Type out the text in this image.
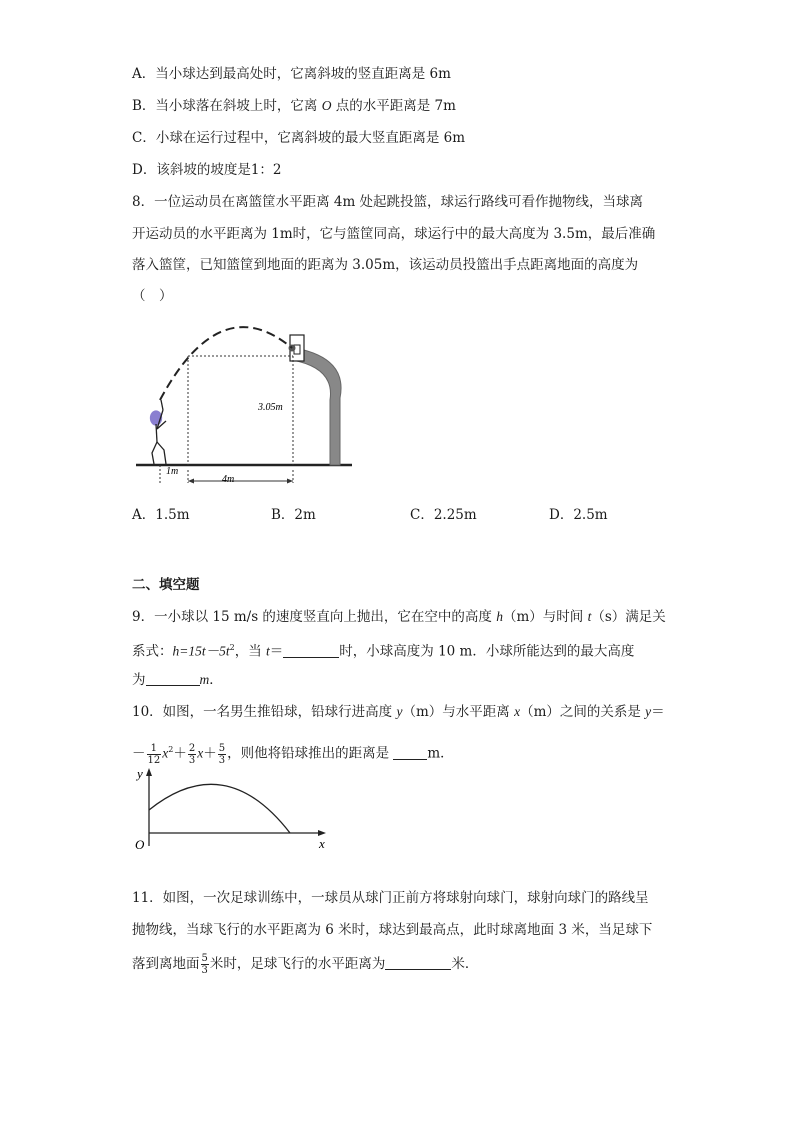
A．当小球达到最高处时，它离斜坡的竖直距离是 6m
B．当小球落在斜坡上时，它离 O 点的水平距离是 7m
C．小球在运行过程中，它离斜坡的最大竖直距离是 6m
D．该斜坡的坡度是1：2
8．一位运动员在离篮筐水平距离 4m 处起跳投篮，球运行路线可看作抛物线，当球离
开运动员的水平距离为 1m时，它与篮筐同高，球运行中的最大高度为 3.5m，最后准确
落入篮筐，已知篮筐到地面的距离为 3.05m，该运动员投篮出手点距离地面的高度为
（　）
1m
4m
3.05m
A．1.5m	B．2m	C．2.25m	D．2.5m
二、填空题
9．一小球以 15 m/s 的速度竖直向上抛出，它在空中的高度 h（m）与时间 t（s）满足关
系式：$h=15t-5t^2$，当 t＝	时，小球高度为 10 m．小球所能达到的最大高度
为	m．
10．如图，一名男生推铅球，铅球行进高度 y（m）与水平距离 x（m）之间的关系是 y＝
－ $\frac{1}{12} x^2+ \frac{2}{3} x+ \frac{5}{3}$ ，则他将铅球推出的距离是	m．
y
x
O
11．如图，一次足球训练中，一球员从球门正前方将球射向球门，球射向球门的路线呈
抛物线，当球飞行的水平距离为 6 米时，球达到最高点，此时球离地面 3 米，当足球下
落到离地面 $\frac{5}{3}$ 米时，足球飞行的水平距离为	米．
